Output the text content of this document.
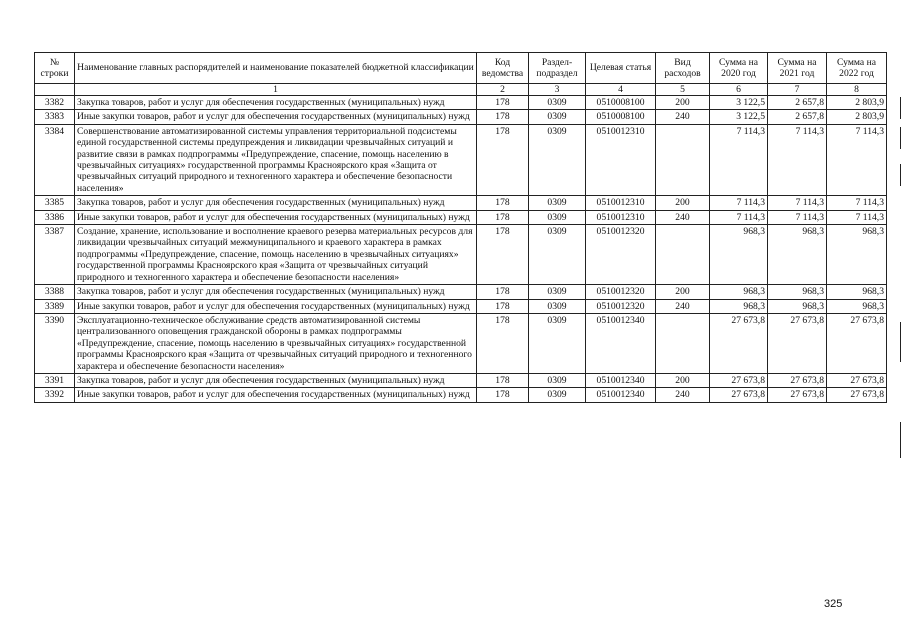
№ строки	Наименование главных распорядителей и наименование показателей бюджетной классификации	Код ведомства	Раздел-подраздел	Целевая статья	Вид расходов	Сумма на 2020 год	Сумма на 2021 год	Сумма на 2022 год
	1	2	3	4	5	6	7	8
3382	Закупка товаров, работ и услуг для обеспечения государственных (муниципальных) нужд	178	0309	0510008100	200	3 122,5	2 657,8	2 803,9
3383	Иные закупки товаров, работ и услуг для обеспечения государственных (муниципальных) нужд	178	0309	0510008100	240	3 122,5	2 657,8	2 803,9
3384	Совершенствование автоматизированной системы управления территориальной подсистемы единой государственной системы предупреждения и ликвидации чрезвычайных ситуаций и развитие связи в рамках подпрограммы «Предупреждение, спасение, помощь населению в чрезвычайных ситуациях» государственной программы Красноярского края «Защита от чрезвычайных ситуаций природного и техногенного характера и обеспечение безопасности населения»	178	0309	0510012310		7 114,3	7 114,3	7 114,3
3385	Закупка товаров, работ и услуг для обеспечения государственных (муниципальных) нужд	178	0309	0510012310	200	7 114,3	7 114,3	7 114,3
3386	Иные закупки товаров, работ и услуг для обеспечения государственных (муниципальных) нужд	178	0309	0510012310	240	7 114,3	7 114,3	7 114,3
3387	Создание, хранение, использование и восполнение краевого резерва материальных ресурсов для ликвидации чрезвычайных ситуаций межмуниципального и краевого характера в рамках подпрограммы «Предупреждение, спасение, помощь населению в чрезвычайных ситуациях» государственной программы Красноярского края «Защита от чрезвычайных ситуаций природного и техногенного характера и обеспечение безопасности населения»	178	0309	0510012320		968,3	968,3	968,3
3388	Закупка товаров, работ и услуг для обеспечения государственных (муниципальных) нужд	178	0309	0510012320	200	968,3	968,3	968,3
3389	Иные закупки товаров, работ и услуг для обеспечения государственных (муниципальных) нужд	178	0309	0510012320	240	968,3	968,3	968,3
3390	Эксплуатационно-техническое обслуживание средств автоматизированной системы централизованного оповещения гражданской обороны в рамках подпрограммы «Предупреждение, спасение, помощь населению в чрезвычайных ситуациях» государственной программы Красноярского края «Защита от чрезвычайных ситуаций природного и техногенного характера и обеспечение безопасности населения»	178	0309	0510012340		27 673,8	27 673,8	27 673,8
3391	Закупка товаров, работ и услуг для обеспечения государственных (муниципальных) нужд	178	0309	0510012340	200	27 673,8	27 673,8	27 673,8
3392	Иные закупки товаров, работ и услуг для обеспечения государственных (муниципальных) нужд	178	0309	0510012340	240	27 673,8	27 673,8	27 673,8
325
